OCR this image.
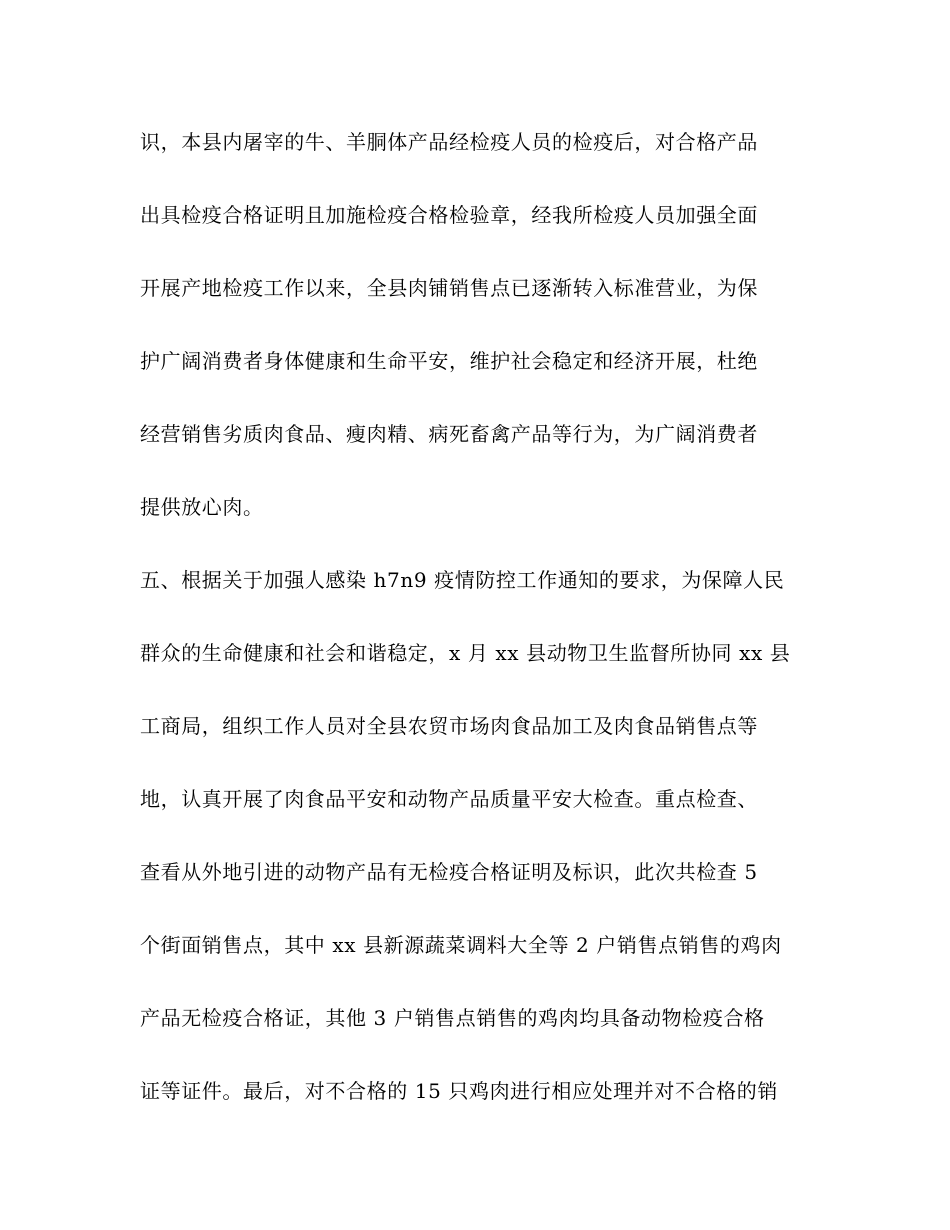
识，本县内屠宰的牛、羊胴体产品经检疫人员的检疫后，对合格产品
出具检疫合格证明且加施检疫合格检验章，经我所检疫人员加强全面
开展产地检疫工作以来，全县肉铺销售点已逐渐转入标准营业，为保
护广阔消费者身体健康和生命平安，维护社会稳定和经济开展，杜绝
经营销售劣质肉食品、瘦肉精、病死畜禽产品等行为，为广阔消费者
提供放心肉。
五、根据关于加强人感染 h7n9 疫情防控工作通知的要求，为保障人民
群众的生命健康和社会和谐稳定，x 月 xx 县动物卫生监督所协同 xx 县
工商局，组织工作人员对全县农贸市场肉食品加工及肉食品销售点等
地，认真开展了肉食品平安和动物产品质量平安大检查。重点检查、
查看从外地引进的动物产品有无检疫合格证明及标识，此次共检查 5
个街面销售点，其中 xx 县新源蔬菜调料大全等 2 户销售点销售的鸡肉
产品无检疫合格证，其他 3 户销售点销售的鸡肉均具备动物检疫合格
证等证件。最后，对不合格的 15 只鸡肉进行相应处理并对不合格的销
